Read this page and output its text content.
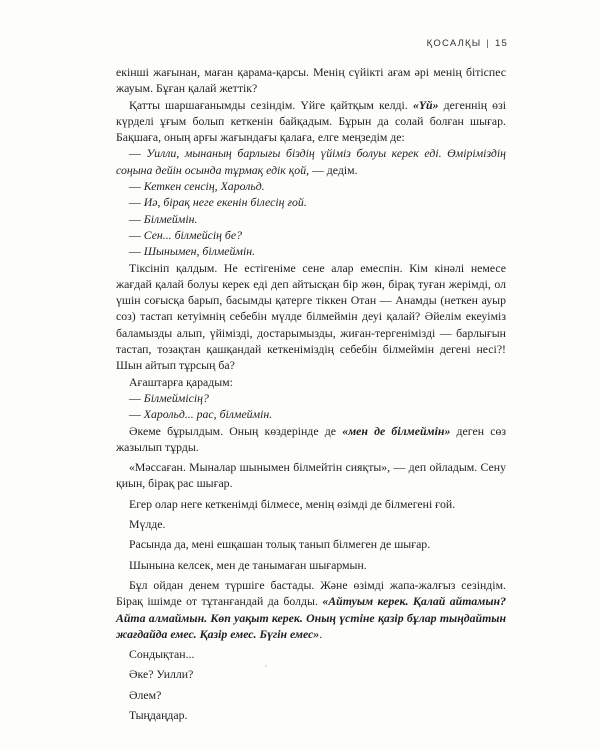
ҚОСАЛҚЫ | 15

екінші жағынан, маған қарама-қарсы. Менің сүйікті ағам әрі менің бітіспес жауым. Бұған қалай жеттік?

Қатты шаршағанымды сезіндім. Үйге қайтқым келді. «Үй» дегеннің өзі күрделі ұғым болып кеткенін байқадым. Бұрын да солай болған шығар. Бақшаға, оның арғы жағындағы қалаға, елге меңзедім де:

— Уилли, мынаның барлығы біздің үйіміз болуы керек еді. Өміріміздің соңына дейін осында тұрмақ едік қой, — дедім.

— Кеткен сенсің, Харольд.

— Иә, бірақ неге екенін білесің ғой.

— Білмеймін.

— Сен... білмейсің бе?

— Шынымен, білмеймін.

Тіксініп қалдым. Не естігеніме сене алар емеспін. Кім кінәлі немесе жағдай қалай болуы керек еді деп айтысқан бір жөн, бірақ туған жерімді, ол үшін соғысқа барып, басымды қатерге тіккен Отан — Анамды (неткен ауыр соз) тастап кетуімнің себебін мүлде білмеймін деуі қалай? Әйелім екеуіміз баламызды алып, үйімізді, достарымызды, жиған-тергенімізді — барлығын тастап, тозақтан қашқандай кеткеніміздің себебін білмеймін дегені несі?! Шын айтып тұрсың ба?

Ағаштарға қарадым:

— Білмеймісің?

— Харольд... рас, білмеймін.

Әкеме бұрылдым. Оның көздерінде де «мен де білмеймін» деген сөз жазылып тұрды.

«Мәссаған. Мыналар шынымен білмейтін сияқты», — деп ойладым. Сену қиын, бірақ рас шығар.

Егер олар неге кеткенімді білмесе, менің өзімді де білмегені ғой.

Мүлде.

Расында да, мені ешқашан толық танып білмеген де шығар.

Шынына келсек, мен де танымаған шығармын.

Бұл ойдан денем түршігe бастады. Және өзімді жапа-жалғыз сезіндім. Бірақ ішімде от тұтанғандай да болды. «Айтуым керек. Қалай айтамын? Айта алмаймын. Көп уақыт керек. Оның үстіне қазір бұлар тыңдайтын жағдайда емес. Қазір емес. Бүгін емес».

Сондықтан...

Әке? Уилли?

Әлем?

Тыңдаңдар.
